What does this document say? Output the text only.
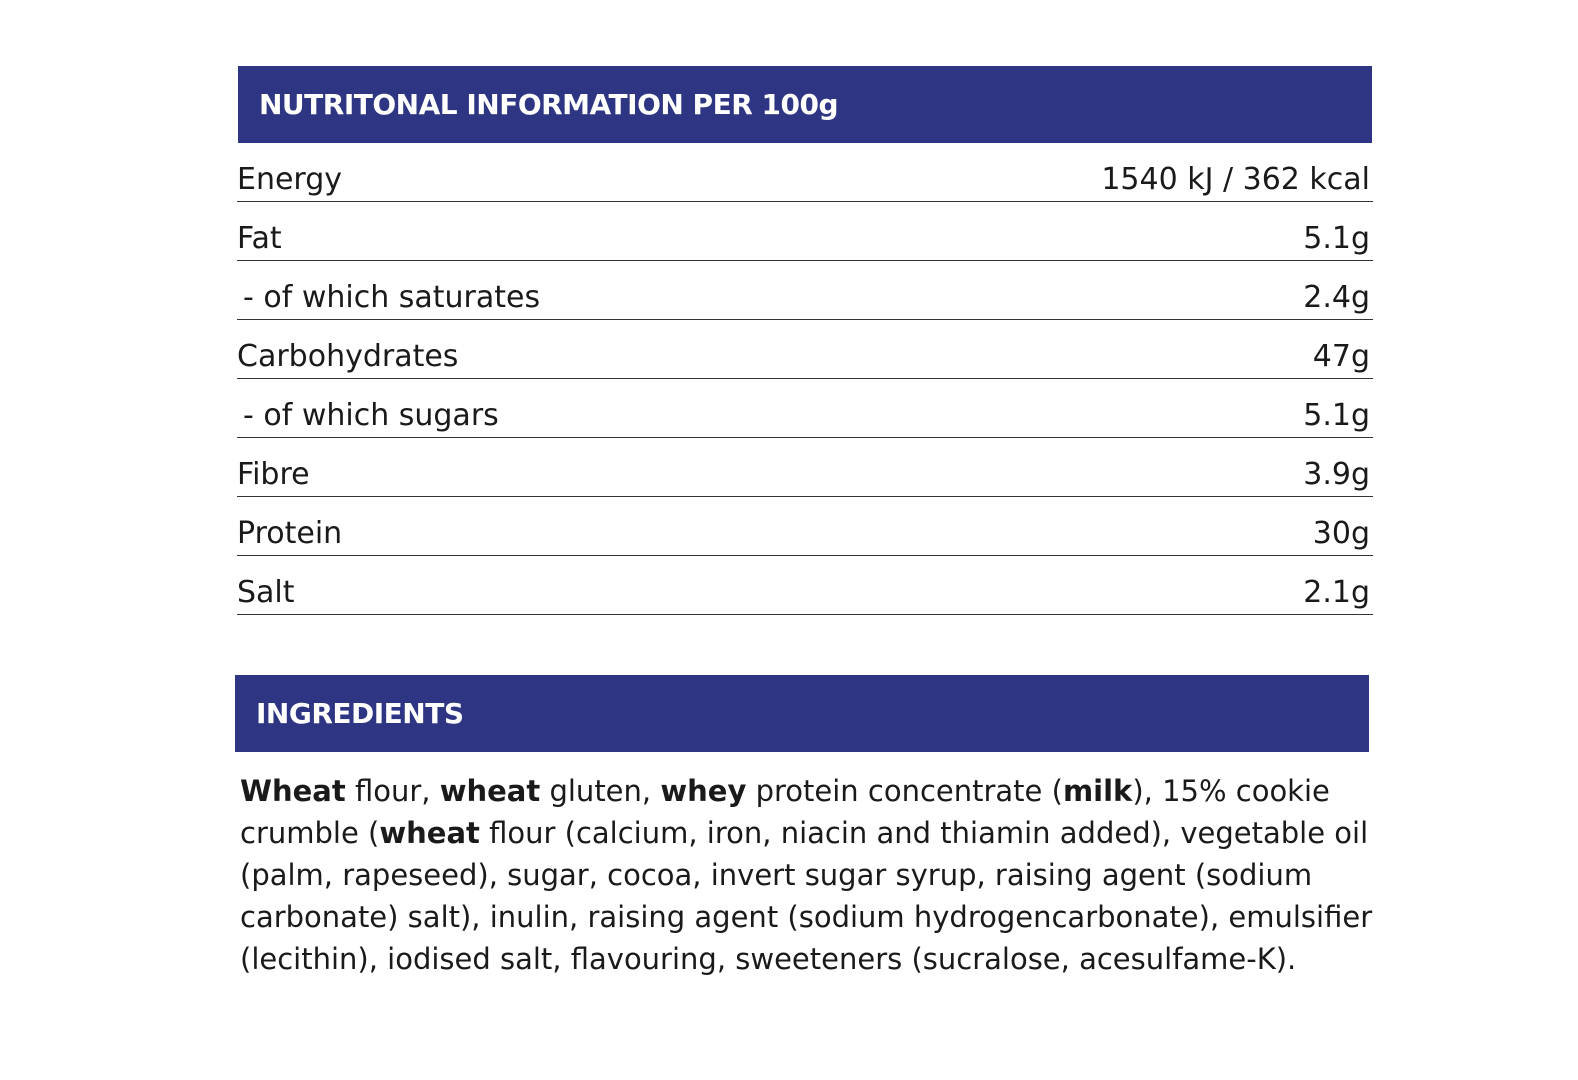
NUTRITONAL INFORMATION PER 100g
Energy	1540 kJ / 362 kcal
Fat	5.1g
- of which saturates	2.4g
Carbohydrates	47g
- of which sugars	5.1g
Fibre	3.9g
Protein	30g
Salt	2.1g
INGREDIENTS
Wheat flour, wheat gluten, whey protein concentrate (milk), 15% cookie crumble (wheat flour (calcium, iron, niacin and thiamin added), vegetable oil (palm, rapeseed), sugar, cocoa, invert sugar syrup, raising agent (sodium carbonate) salt), inulin, raising agent (sodium hydrogencarbonate), emulsifier (lecithin), iodised salt, flavouring, sweeteners (sucralose, acesulfame-K).
